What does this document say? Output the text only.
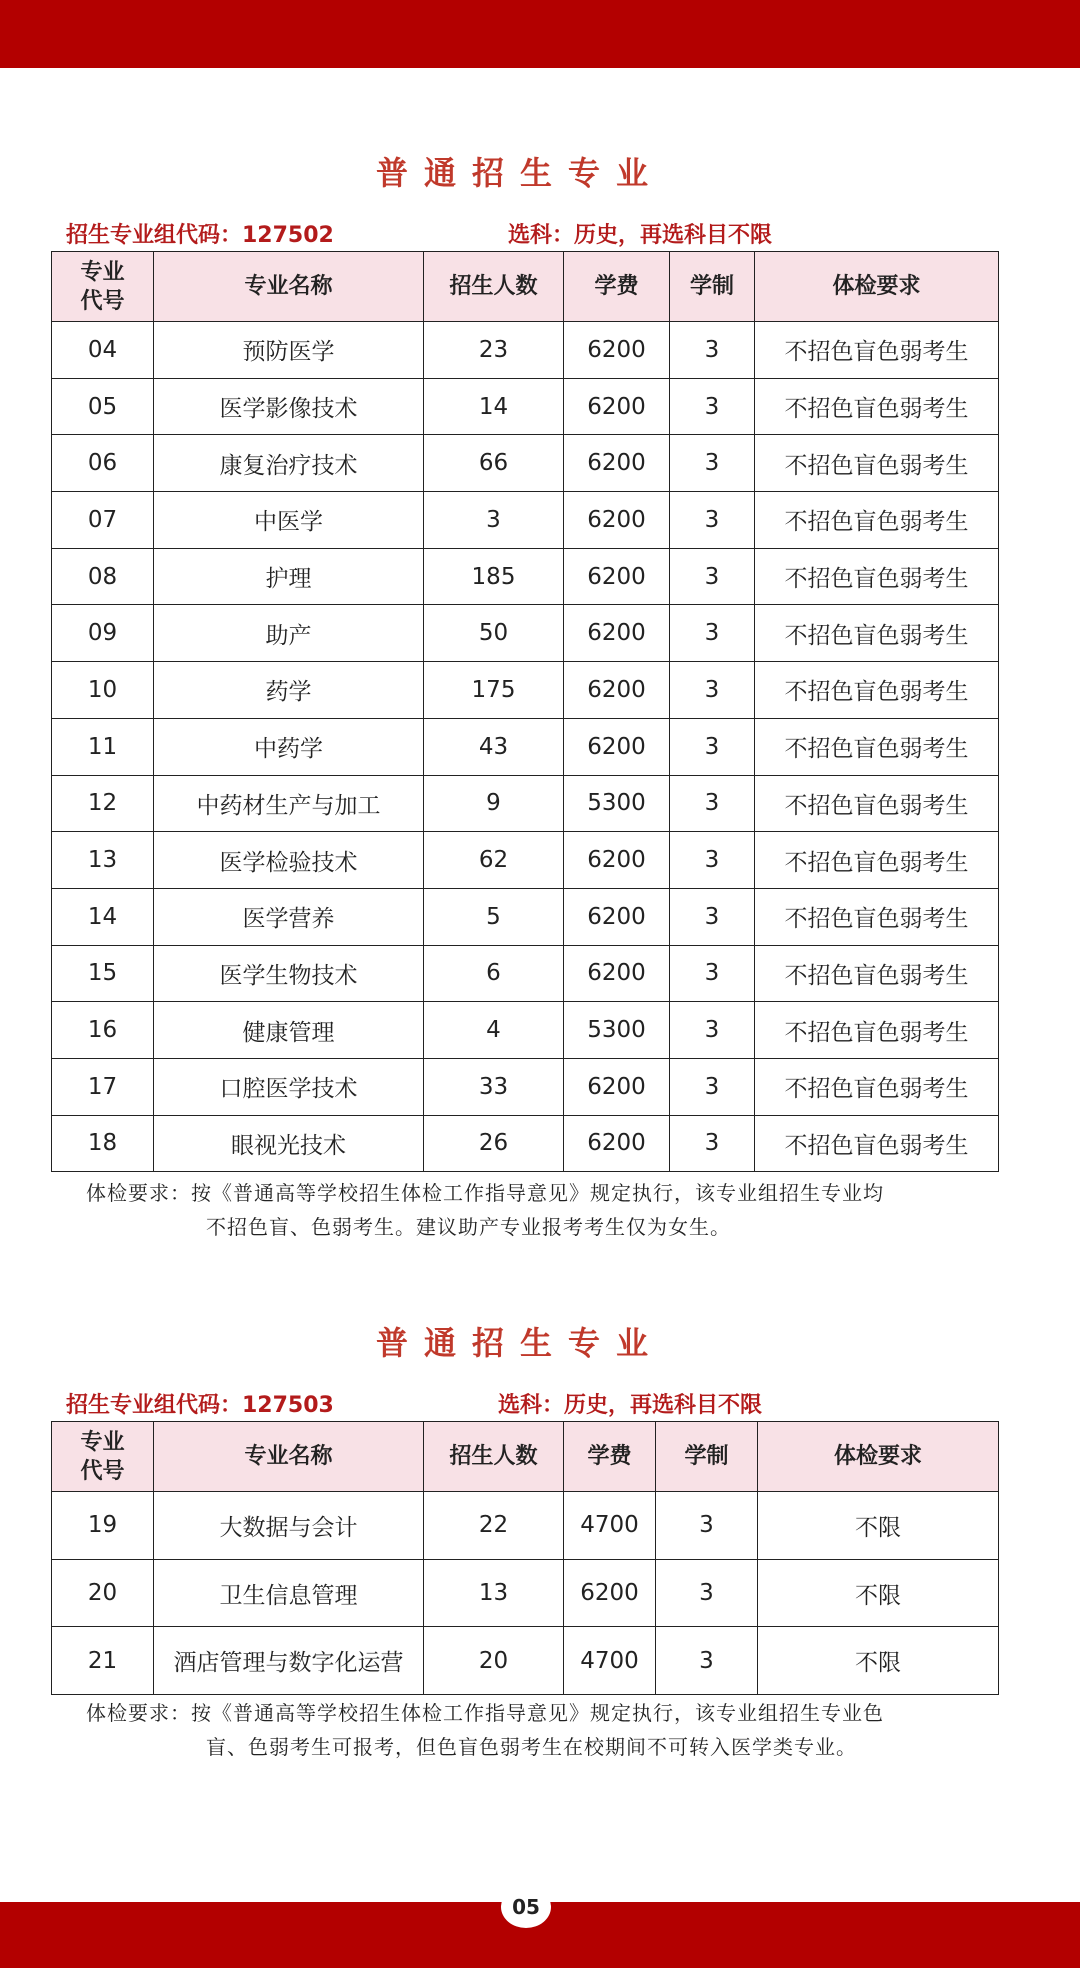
普通招生专业
招生专业组代码：127502	选科：历史，再选科目不限
专业代号	专业名称	招生人数	学费	学制	体检要求
04	预防医学	23	6200	3	不招色盲色弱考生
05	医学影像技术	14	6200	3	不招色盲色弱考生
06	康复治疗技术	66	6200	3	不招色盲色弱考生
07	中医学	3	6200	3	不招色盲色弱考生
08	护理	185	6200	3	不招色盲色弱考生
09	助产	50	6200	3	不招色盲色弱考生
10	药学	175	6200	3	不招色盲色弱考生
11	中药学	43	6200	3	不招色盲色弱考生
12	中药材生产与加工	9	5300	3	不招色盲色弱考生
13	医学检验技术	62	6200	3	不招色盲色弱考生
14	医学营养	5	6200	3	不招色盲色弱考生
15	医学生物技术	6	6200	3	不招色盲色弱考生
16	健康管理	4	5300	3	不招色盲色弱考生
17	口腔医学技术	33	6200	3	不招色盲色弱考生
18	眼视光技术	26	6200	3	不招色盲色弱考生
体检要求：按《普通高等学校招生体检工作指导意见》规定执行，该专业组招生专业均
不招色盲、色弱考生。建议助产专业报考考生仅为女生。
普通招生专业
招生专业组代码：127503	选科：历史，再选科目不限
专业代号	专业名称	招生人数	学费	学制	体检要求
19	大数据与会计	22	4700	3	不限
20	卫生信息管理	13	6200	3	不限
21	酒店管理与数字化运营	20	4700	3	不限
体检要求：按《普通高等学校招生体检工作指导意见》规定执行，该专业组招生专业色
盲、色弱考生可报考，但色盲色弱考生在校期间不可转入医学类专业。
05
